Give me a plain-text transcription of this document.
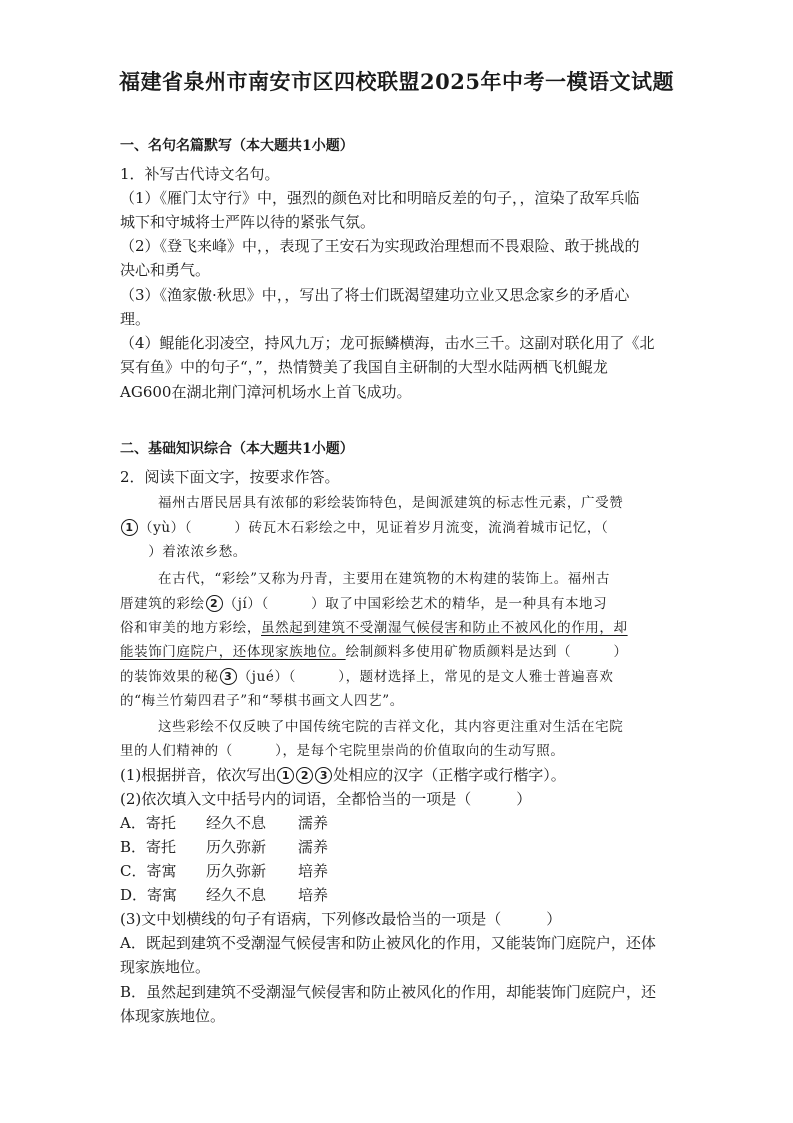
福建省泉州市南安市区四校联盟2025年中考一模语文试题
一、名句名篇默写（本大题共1小题）
1．补写古代诗文名句。
（1）《雁门太守行》中，强烈的颜色对比和明暗反差的句子，，渲染了敌军兵临
城下和守城将士严阵以待的紧张气氛。
（2）《登飞来峰》中，，表现了王安石为实现政治理想而不畏艰险、敢于挑战的
决心和勇气。
（3）《渔家傲·秋思》中，，写出了将士们既渴望建功立业又思念家乡的矛盾心
理。
（4）鲲能化羽凌空，持风九万；龙可振鳞横海，击水三千。这副对联化用了《北
冥有鱼》中的句子“，”，热情赞美了我国自主研制的大型水陆两栖飞机鲲龙
AG600在湖北荆门漳河机场水上首飞成功。
二、基础知识综合（本大题共1小题）
2．阅读下面文字，按要求作答。
福州古厝民居具有浓郁的彩绘装饰特色，是闽派建筑的标志性元素，广受赞
1 （yù）（　　　）砖瓦木石彩绘之中，见证着岁月流变，流淌着城市记忆，（
　　）着浓浓乡愁。
在古代，“彩绘”又称为丹青，主要用在建筑物的木构建的装饰上。福州古
厝建筑的彩绘 2 （jí）（　　　）取了中国彩绘艺术的精华，是一种具有本地习
俗和审美的地方彩绘，虽然起到建筑不受潮湿气候侵害和防止不被风化的作用，却
能装饰门庭院户，还体现家族地位。绘制颜料多使用矿物质颜料是达到（　　　）
的装饰效果的秘 3 （jué）（　　　），题材选择上，常见的是文人雅士普遍喜欢
的“梅兰竹菊四君子”和“琴棋书画文人四艺”。
这些彩绘不仅反映了中国传统宅院的吉祥文化，其内容更注重对生活在宅院
里的人们精神的（　　　），是每个宅院里崇尚的价值取向的生动写照。
(1)根据拼音，依次写出 1 2 3 处相应的汉字（正楷字或行楷字）。
(2)依次填入文中括号内的词语，全都恰当的一项是（　　　）
A．寄托 经久不息 濡养
B．寄托 历久弥新 濡养
C．寄寓 历久弥新 培养
D．寄寓 经久不息 培养
(3)文中划横线的句子有语病，下列修改最恰当的一项是（　　　）
A．既起到建筑不受潮湿气候侵害和防止被风化的作用，又能装饰门庭院户，还体
现家族地位。
B．虽然起到建筑不受潮湿气候侵害和防止被风化的作用，却能装饰门庭院户，还
体现家族地位。
